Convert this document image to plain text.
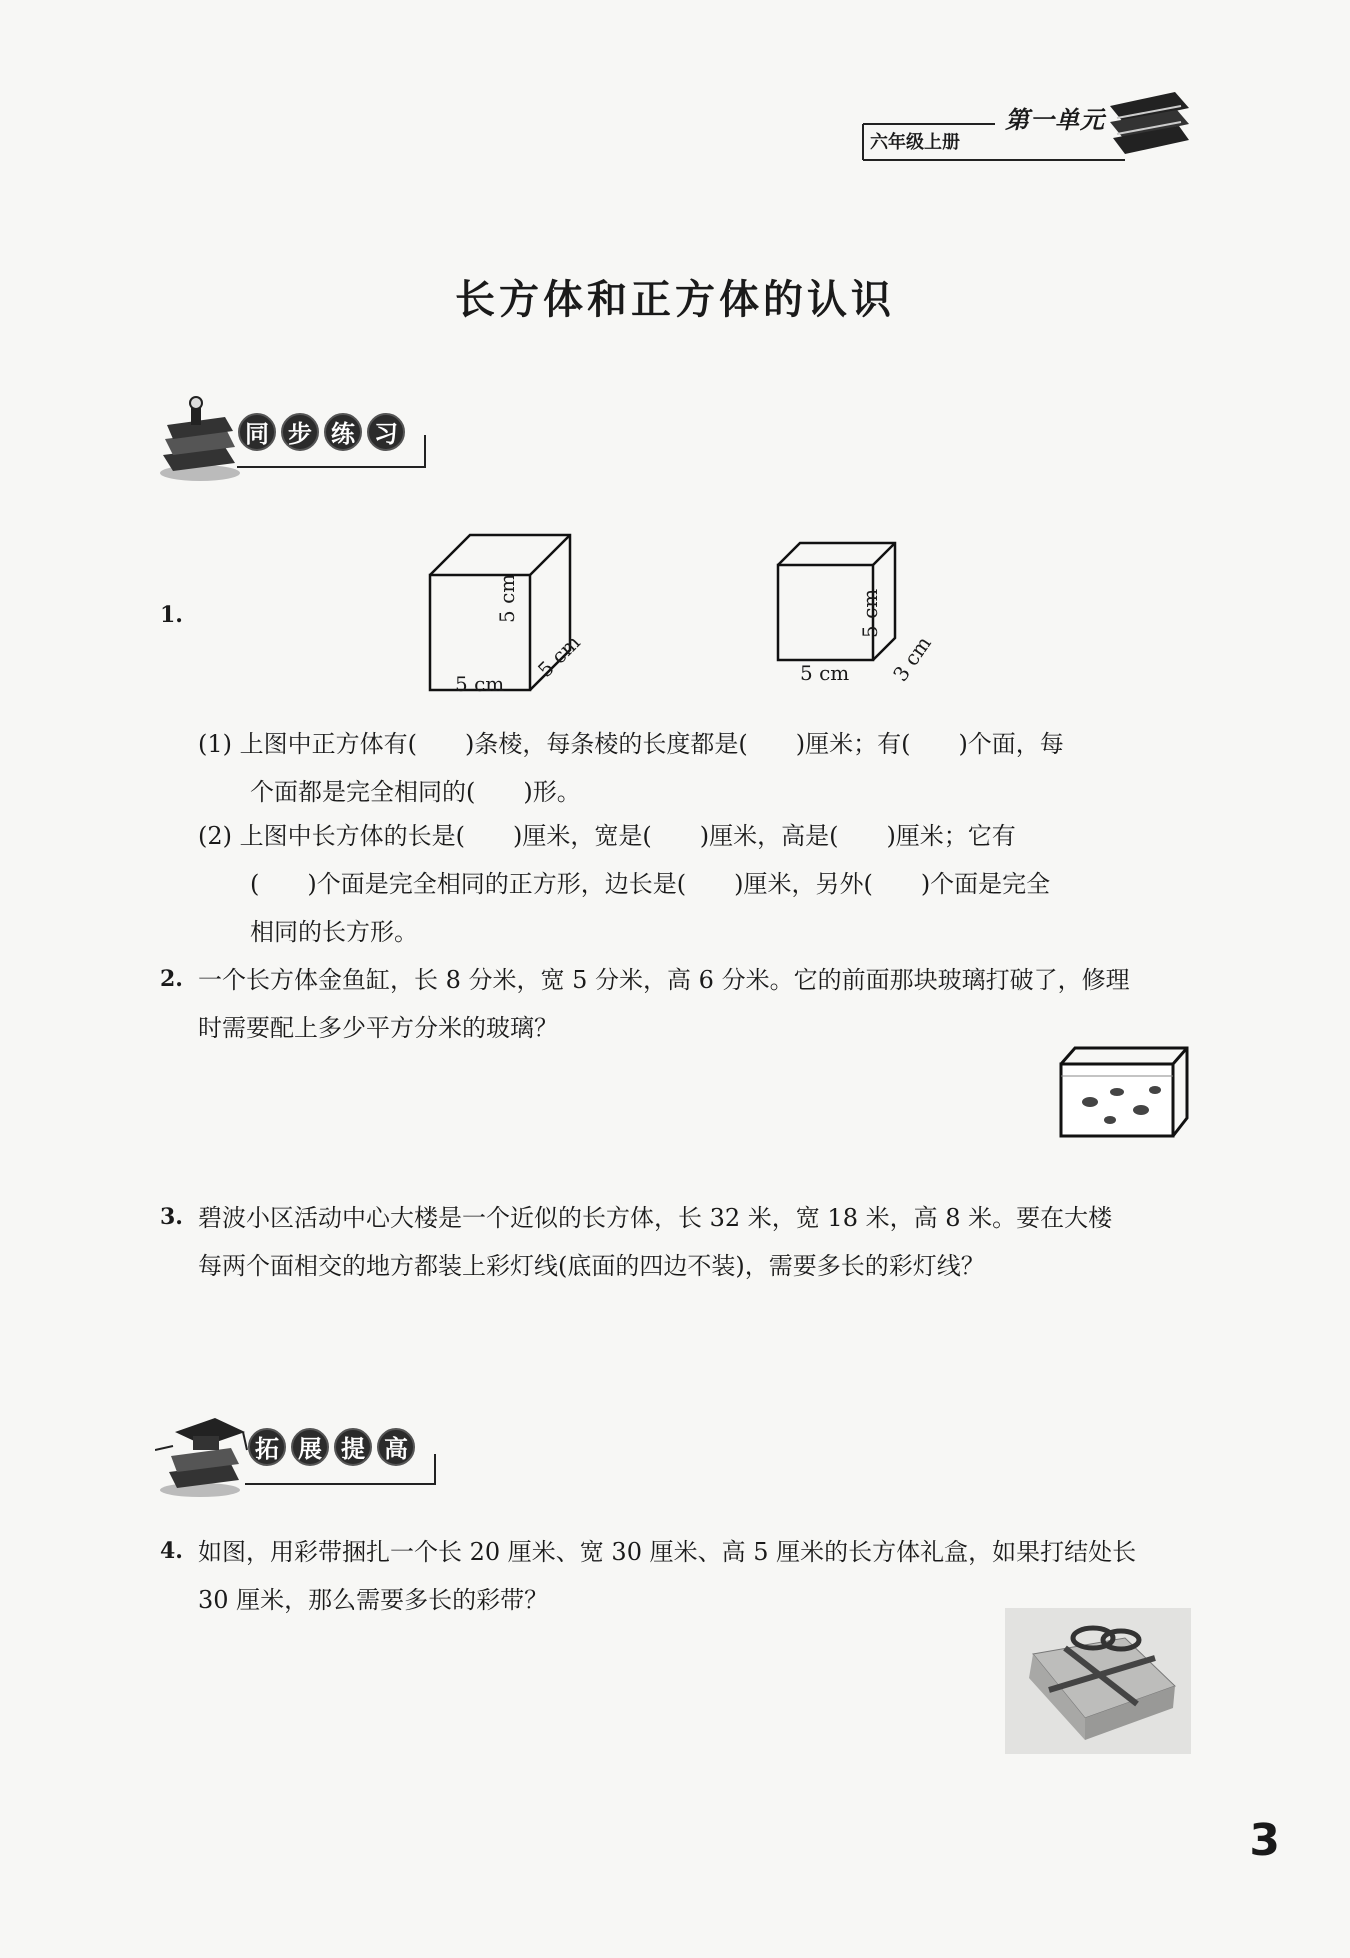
六年级上册
第一单元
长方体和正方体的认识
同 步 练 习
1.
5 cm
5 cm
5 cm	5 cm
5 cm
3 cm
(1) 上图中正方体有(　　)条棱，每条棱的长度都是(　　)厘米；有(　　)个面，每
个面都是完全相同的(　　)形。
(2) 上图中长方体的长是(　　)厘米，宽是(　　)厘米，高是(　　)厘米；它有
(　　)个面是完全相同的正方形，边长是(　　)厘米，另外(　　)个面是完全
相同的长方形。
2. 一个长方体金鱼缸，长 8 分米，宽 5 分米，高 6 分米。它的前面那块玻璃打破了，修理
时需要配上多少平方分米的玻璃？
3. 碧波小区活动中心大楼是一个近似的长方体，长 32 米，宽 18 米，高 8 米。要在大楼
每两个面相交的地方都装上彩灯线(底面的四边不装)，需要多长的彩灯线？
拓 展 提 高
4. 如图，用彩带捆扎一个长 20 厘米、宽 30 厘米、高 5 厘米的长方体礼盒，如果打结处长
30 厘米，那么需要多长的彩带？
3
